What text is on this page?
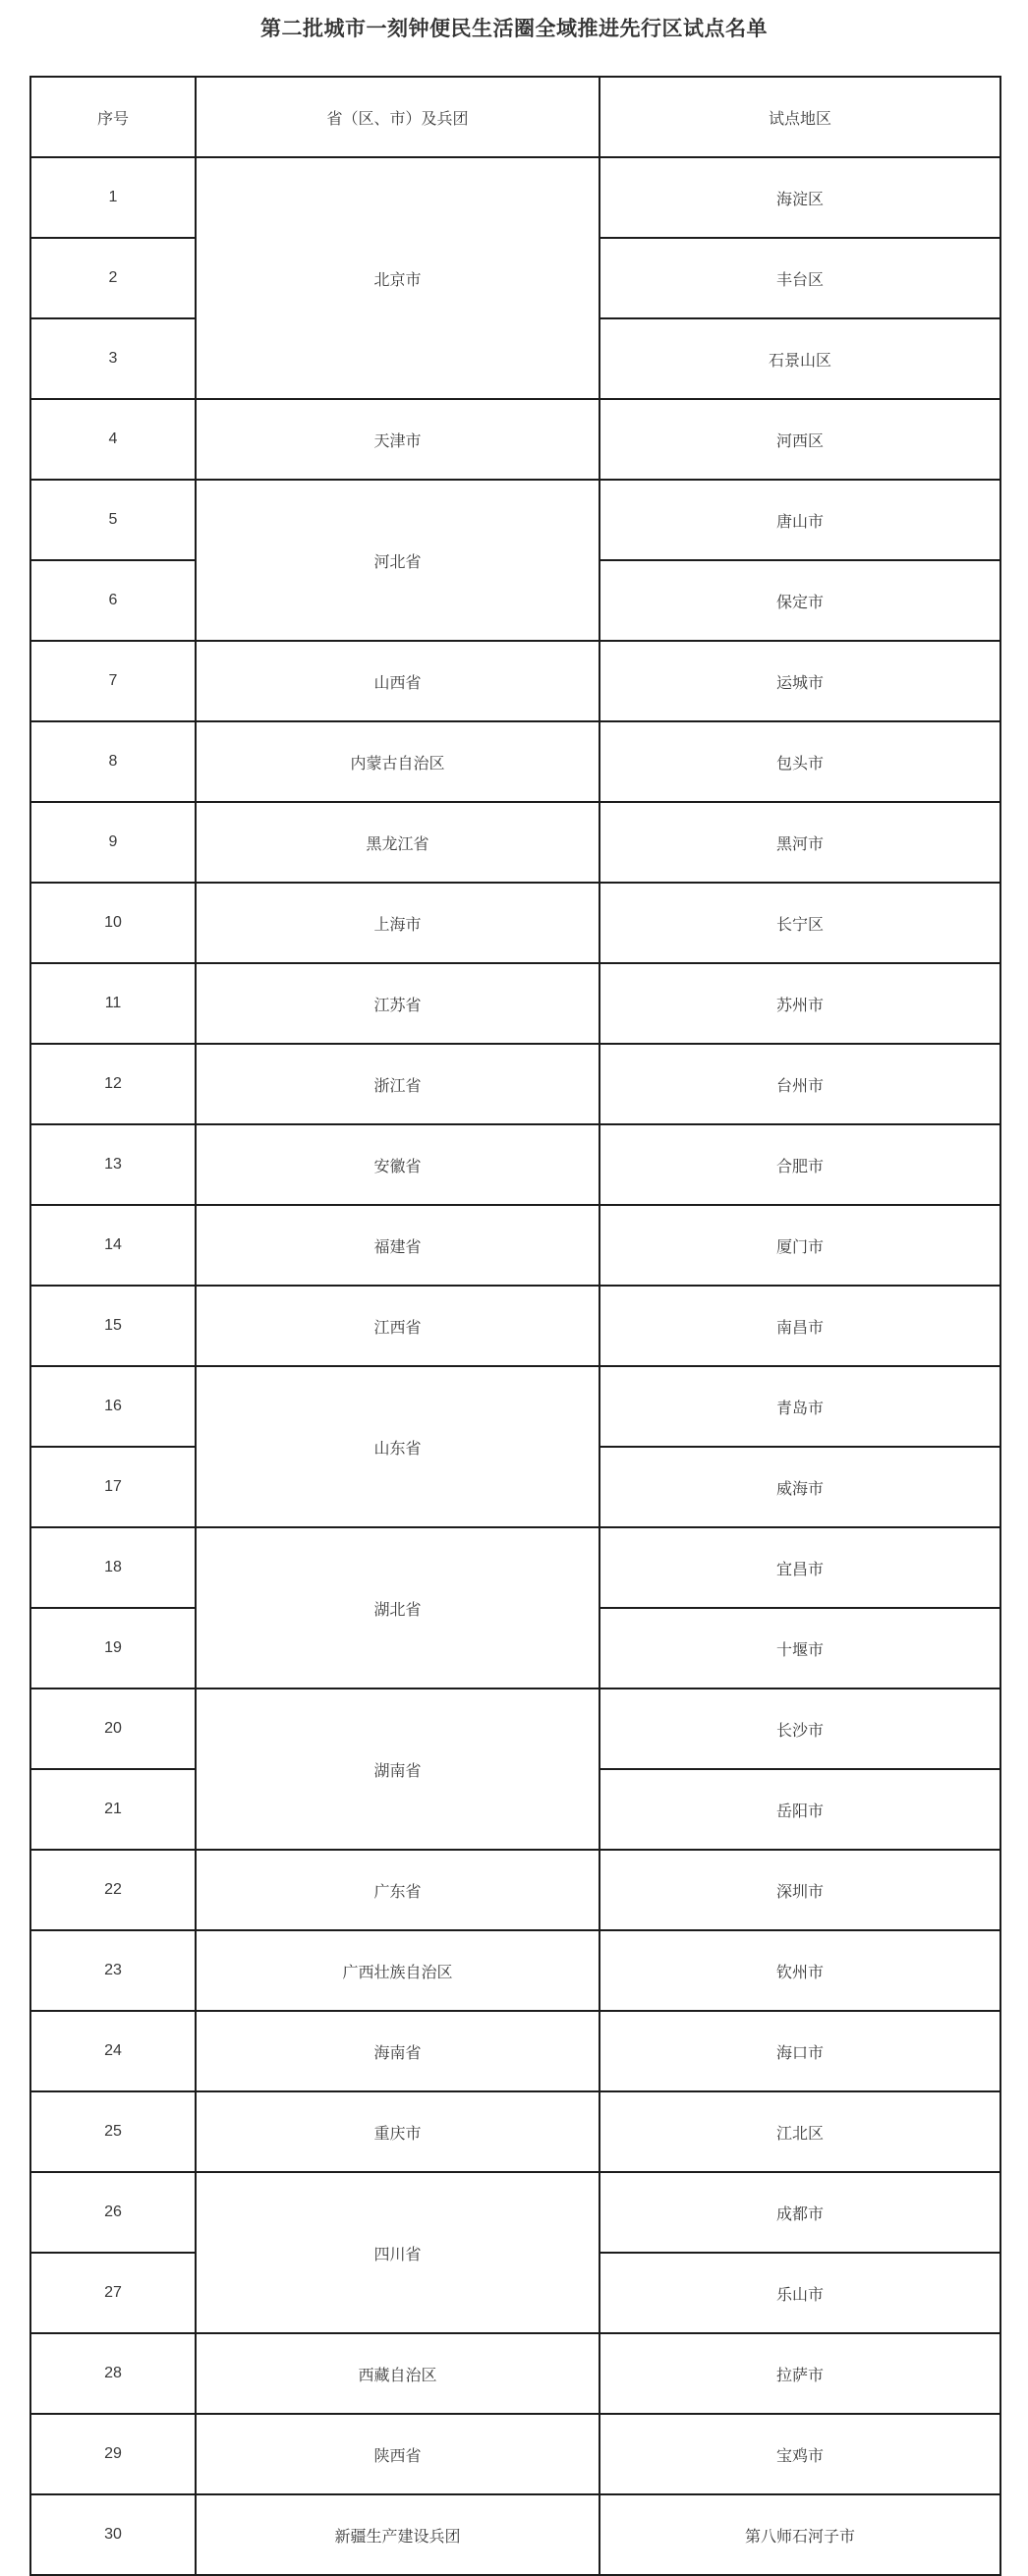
第二批城市一刻钟便民生活圈全域推进先行区试点名单
序号	省（区、市）及兵团	试点地区
1	北京市	海淀区
2		丰台区
3		石景山区
4	天津市	河西区
5	河北省	唐山市
6		保定市
7	山西省	运城市
8	内蒙古自治区	包头市
9	黑龙江省	黑河市
10	上海市	长宁区
11	江苏省	苏州市
12	浙江省	台州市
13	安徽省	合肥市
14	福建省	厦门市
15	江西省	南昌市
16	山东省	青岛市
17		威海市
18	湖北省	宜昌市
19		十堰市
20	湖南省	长沙市
21		岳阳市
22	广东省	深圳市
23	广西壮族自治区	钦州市
24	海南省	海口市
25	重庆市	江北区
26	四川省	成都市
27		乐山市
28	西藏自治区	拉萨市
29	陕西省	宝鸡市
30	新疆生产建设兵团	第八师石河子市
